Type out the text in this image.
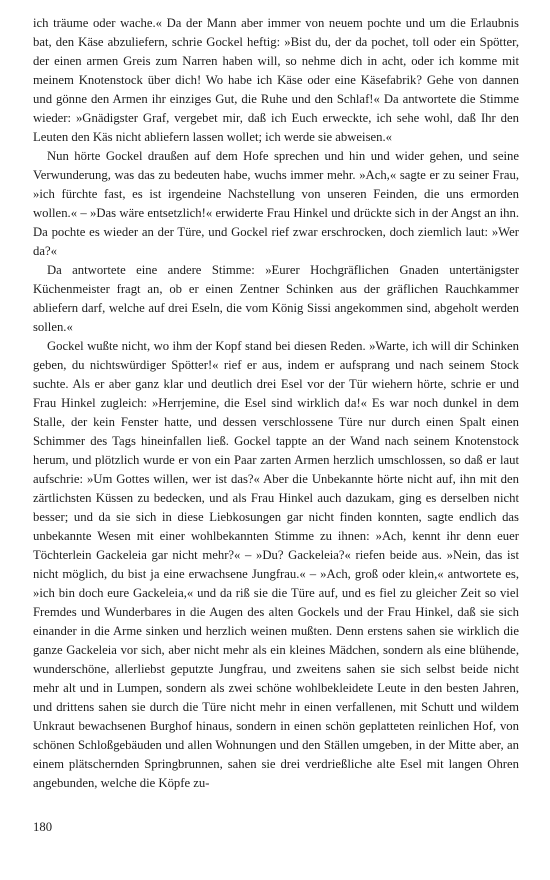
ich träume oder wache.« Da der Mann aber immer von neuem pochte und um die Erlaubnis bat, den Käse abzuliefern, schrie Gockel heftig: »Bist du, der da pochet, toll oder ein Spötter, der einen armen Greis zum Narren haben will, so nehme dich in acht, oder ich komme mit meinem Knotenstock über dich! Wo habe ich Käse oder eine Käsefabrik? Gehe von dannen und gönne den Armen ihr einziges Gut, die Ruhe und den Schlaf!« Da antwortete die Stimme wieder: »Gnädigster Graf, vergebet mir, daß ich Euch erweckte, ich sehe wohl, daß Ihr den Leuten den Käs nicht abliefern lassen wollet; ich werde sie abweisen.«

Nun hörte Gockel draußen auf dem Hofe sprechen und hin und wider gehen, und seine Verwunderung, was das zu bedeuten habe, wuchs immer mehr. »Ach,« sagte er zu seiner Frau, »ich fürchte fast, es ist irgendeine Nachstellung von unseren Feinden, die uns ermorden wollen.« – »Das wäre entsetzlich!« erwiderte Frau Hinkel und drückte sich in der Angst an ihn. Da pochte es wieder an der Türe, und Gockel rief zwar erschrocken, doch ziemlich laut: »Wer da?«

Da antwortete eine andere Stimme: »Eurer Hochgräflichen Gnaden untertänigster Küchenmeister fragt an, ob er einen Zentner Schinken aus der gräflichen Rauchkammer abliefern darf, welche auf drei Eseln, die vom König Sissi angekommen sind, abgeholt werden sollen.«

Gockel wußte nicht, wo ihm der Kopf stand bei diesen Reden. »Warte, ich will dir Schinken geben, du nichtswürdiger Spötter!« rief er aus, indem er aufsprang und nach seinem Stock suchte. Als er aber ganz klar und deutlich drei Esel vor der Tür wiehern hörte, schrie er und Frau Hinkel zugleich: »Herrjemine, die Esel sind wirklich da!« Es war noch dunkel in dem Stalle, der kein Fenster hatte, und dessen verschlossene Türe nur durch einen Spalt einen Schimmer des Tags hineinfallen ließ. Gockel tappte an der Wand nach seinem Knotenstock herum, und plötzlich wurde er von ein Paar zarten Armen herzlich umschlossen, so daß er laut aufschrie: »Um Gottes willen, wer ist das?« Aber die Unbekannte hörte nicht auf, ihn mit den zärtlichsten Küssen zu bedecken, und als Frau Hinkel auch dazukam, ging es derselben nicht besser; und da sie sich in diese Liebkosungen gar nicht finden konnten, sagte endlich das unbekannte Wesen mit einer wohlbekannten Stimme zu ihnen: »Ach, kennt ihr denn euer Töchterlein Gackeleia gar nicht mehr?« – »Du? Gackeleia?« riefen beide aus. »Nein, das ist nicht möglich, du bist ja eine erwachsene Jungfrau.« – »Ach, groß oder klein,« antwortete es, »ich bin doch eure Gackeleia,« und da riß sie die Türe auf, und es fiel zu gleicher Zeit so viel Fremdes und Wunderbares in die Augen des alten Gockels und der Frau Hinkel, daß sie sich einander in die Arme sinken und herzlich weinen mußten. Denn erstens sahen sie wirklich die ganze Gackeleia vor sich, aber nicht mehr als ein kleines Mädchen, sondern als eine blühende, wunderschöne, allerliebst geputzte Jungfrau, und zweitens sahen sie sich selbst beide nicht mehr alt und in Lumpen, sondern als zwei schöne wohlbekleidete Leute in den besten Jahren, und drittens sahen sie durch die Türe nicht mehr in einen verfallenen, mit Schutt und wildem Unkraut bewachsenen Burghof hinaus, sondern in einen schön geplatteten reinlichen Hof, von schönen Schloßgebäuden und allen Wohnungen und den Ställen umgeben, in der Mitte aber, an einem plätschernden Springbrunnen, sahen sie drei verdrießliche alte Esel mit langen Ohren angebunden, welche die Köpfe zu-

180
